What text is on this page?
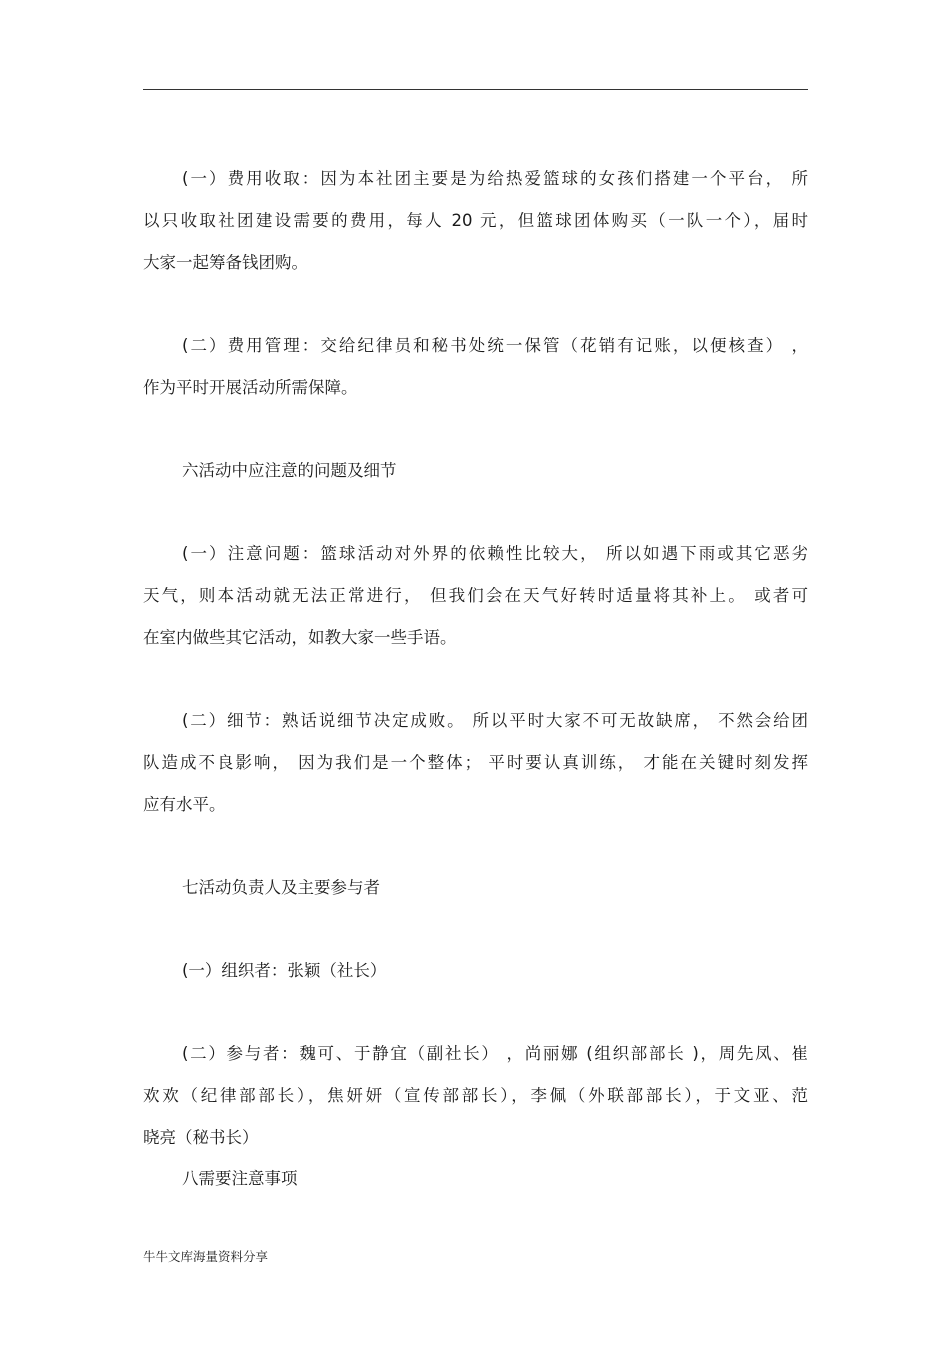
(一）费用收取：因为本社团主要是为给热爱篮球的女孩们搭建一个平台， 所
以只收取社团建设需要的费用，每人 20 元，但篮球团体购买（一队一个），届时
大家一起筹备钱团购。
(二）费用管理：交给纪律员和秘书处统一保管（花销有记账，以便核查） ，
作为平时开展活动所需保障。
六活动中应注意的问题及细节
(一）注意问题：篮球活动对外界的依赖性比较大， 所以如遇下雨或其它恶劣
天气，则本活动就无法正常进行， 但我们会在天气好转时适量将其补上。 或者可
在室内做些其它活动，如教大家一些手语。
(二）细节：熟话说细节决定成败。 所以平时大家不可无故缺席， 不然会给团
队造成不良影响， 因为我们是一个整体； 平时要认真训练， 才能在关键时刻发挥
应有水平。
七活动负责人及主要参与者
(一）组织者：张颖（社长）
(二）参与者：魏可、于静宜（副社长） ，尚丽娜 (组织部部长 )，周先凤、崔
欢欢（纪律部部长），焦妍妍（宣传部部长），李佩（外联部部长），于文亚、范
晓亮（秘书长）
八需要注意事项
牛牛文库海量资料分享
